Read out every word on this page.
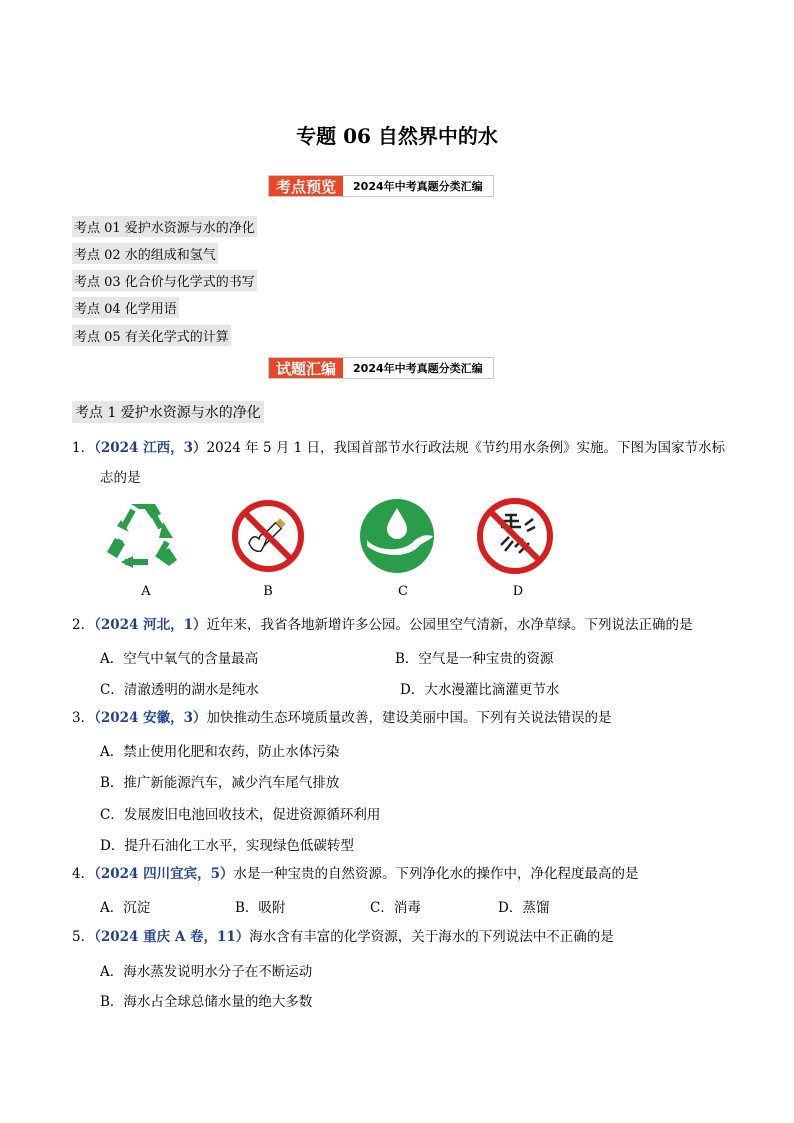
专题 06 自然界中的水
考点预览	2024年中考真题分类汇编
考点 01 爱护水资源与水的净化
考点 02 水的组成和氢气
考点 03 化合价与化学式的书写
考点 04 化学用语
考点 05 有关化学式的计算
试题汇编	2024年中考真题分类汇编
考点 1 爱护水资源与水的净化
1．（2024 江西，3）2024 年 5 月 1 日，我国首部节水行政法规《节约用水条例》实施。下图为国家节水标
志的是
A	B	C	D
2．（2024 河北，1）近年来，我省各地新增许多公园。公园里空气清新，水净草绿。下列说法正确的是
A．空气中氧气的含量最高	B．空气是一种宝贵的资源
C．清澈透明的湖水是纯水	D．大水漫灌比滴灌更节水
3．（2024 安徽，3）加快推动生态环境质量改善，建设美丽中国。下列有关说法错误的是
A．禁止使用化肥和农药，防止水体污染
B．推广新能源汽车，减少汽车尾气排放
C．发展废旧电池回收技术，促进资源循环利用
D．提升石油化工水平，实现绿色低碳转型
4．（2024 四川宜宾，5）水是一种宝贵的自然资源。下列净化水的操作中，净化程度最高的是
A．沉淀	B．吸附	C．消毒	D．蒸馏
5．（2024 重庆 A 卷，11）海水含有丰富的化学资源，关于海水的下列说法中不正确的是
A．海水蒸发说明水分子在不断运动
B．海水占全球总储水量的绝大多数
